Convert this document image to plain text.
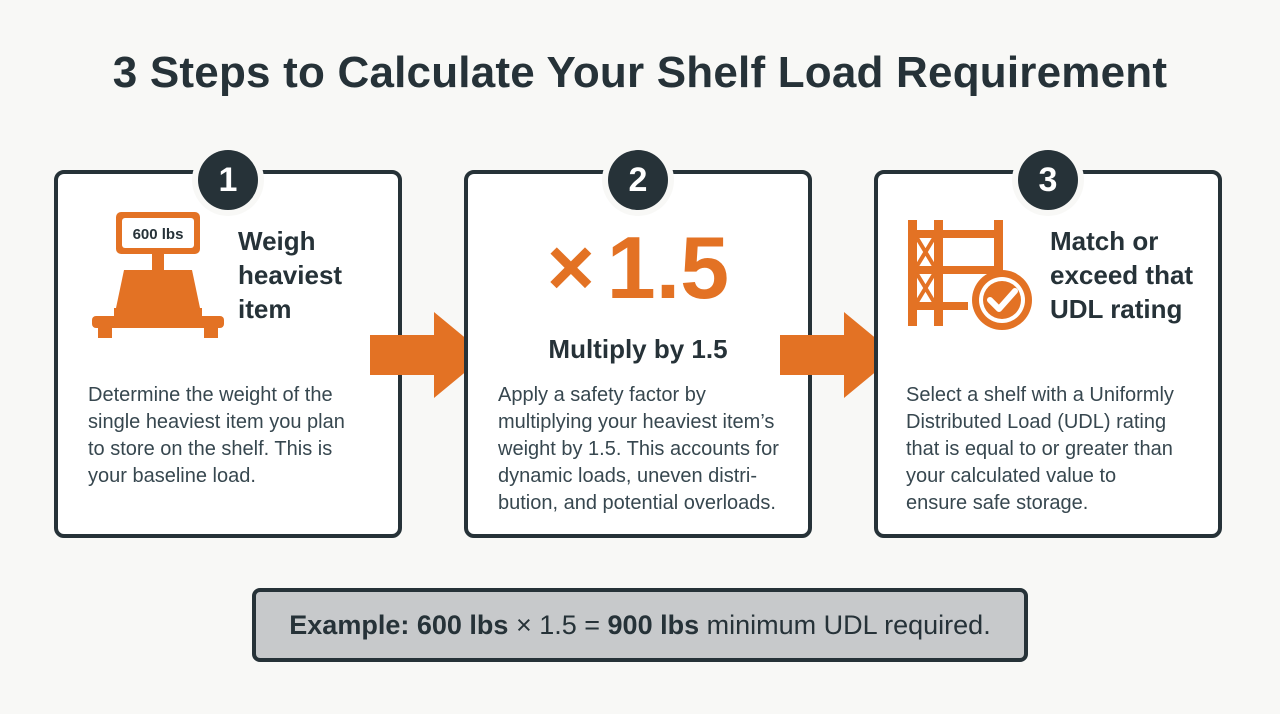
3 Steps to Calculate Your Shelf Load Requirement
1
600 lbs Weigh
heaviest
item
Determine the weight of the
single heaviest item you plan
to store on the shelf. This is
your baseline load.
2
× 1.5
Multiply by 1.5
Apply a safety factor by
multiplying your heaviest item’s
weight by 1.5. This accounts for
dynamic loads, uneven distri-
bution, and potential overloads.
3
Match or
exceed that
UDL rating
Select a shelf with a Uniformly
Distributed Load (UDL) rating
that is equal to or greater than
your calculated value to
ensure safe storage.
Example: 600 lbs × 1.5 = 900 lbs minimum UDL required.
